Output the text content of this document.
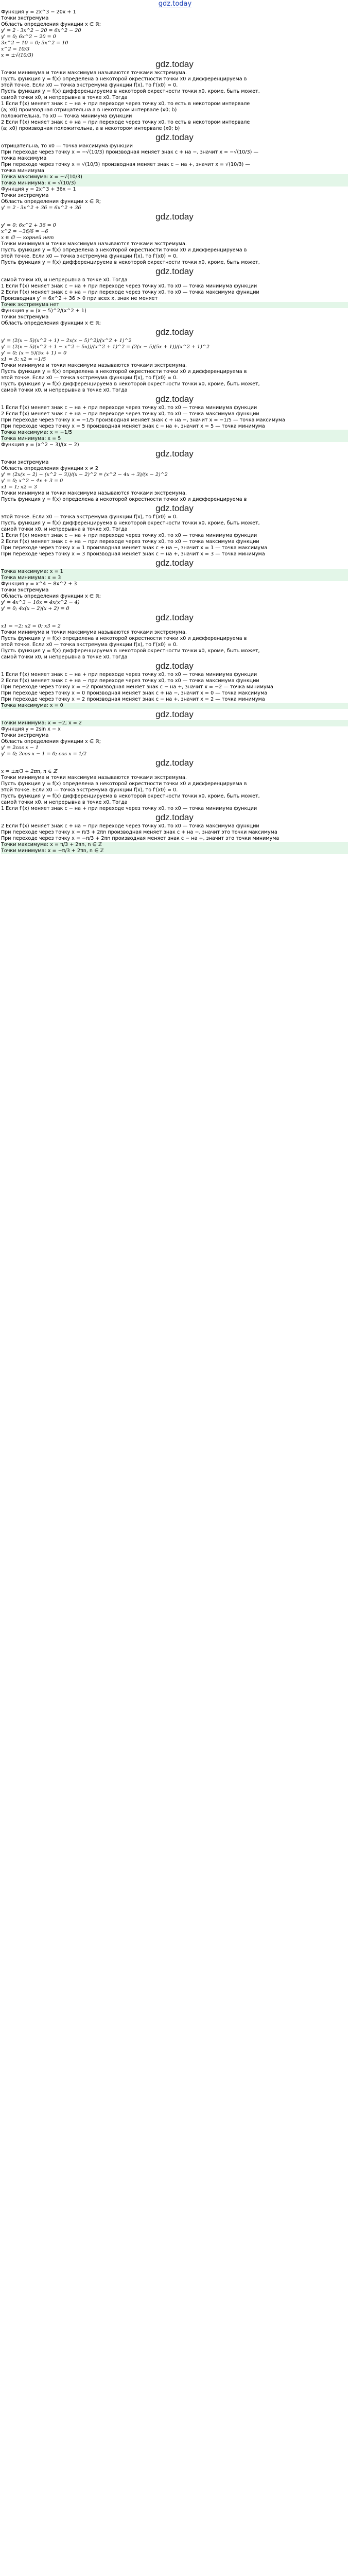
gdz.today
Функция y = 2x^3 − 20x + 1
Точки экстремума
Область определения функции x ∈ ℝ;
y' = 2 · 3x^2 − 20 = 6x^2 − 20
y' = 0; 6x^2 − 20 = 0
3x^2 − 10 = 0; 3x^2 = 10
x^2 = 10/3
x = ±√(10/3)
gdz.today
Точки минимума и точки максимума называются точками экстремума.
Пусть функция y = f(x) определена в некоторой окрестности точки x0 и дифференцируема в
этой точке. Если x0 — точка экстремума функции f(x), то f′(x0) = 0.
Пусть функция y = f(x) дифференцируема в некоторой окрестности точки x0, кроме, быть может,
самой точки x0, и непрерывна в точке x0. Тогда
1 Если f′(x) меняет знак с − на + при переходе через точку x0, то есть в некотором интервале
(a; x0) производная отрицательна а в некотором интервале (x0; b)
положительна, то x0 — точка минимума функции
2 Если f′(x) меняет знак с + на − при переходе через точку x0, то есть в некотором интервале
(a; x0) производная положительна, а в некотором интервале (x0; b)
gdz.today
отрицательна, то x0 — точка максимума функции
При переходе через точку x = −√(10/3) производная меняет знак с + на −, значит x = −√(10/3) —
точка максимума
При переходе через точку x = √(10/3) производная меняет знак с − на +, значит x = √(10/3) —
точка минимума
Точка максимума: x = −√(10/3)
Точка минимума: x = √(10/3)
Функция y = 2x^3 + 36x − 1
Точки экстремума
Область определения функции x ∈ ℝ;
y' = 2 · 3x^2 + 36 = 6x^2 + 36
gdz.today
y' = 0; 6x^2 + 36 = 0
x^2 = −36/6 = −6
x ∈ ∅ — корней нет
Точки минимума и точки максимума называются точками экстремума.
Пусть функция y = f(x) определена в некоторой окрестности точки x0 и дифференцируема в
этой точке. Если x0 — точка экстремума функции f(x), то f′(x0) = 0.
Пусть функция y = f(x) дифференцируема в некоторой окрестности точки x0, кроме, быть может,
gdz.today
самой точки x0, и непрерывна в точке x0. Тогда
1 Если f′(x) меняет знак с − на + при переходе через точку x0, то x0 — точка минимума функции
2 Если f′(x) меняет знак с + на − при переходе через точку x0, то x0 — точка максимума функции
Производная y′ = 6x^2 + 36 > 0 при всех x, знак не меняет
Точек экстремума нет
Функция y = (x − 5)^2/(x^2 + 1)
Точки экстремума
Область определения функции x ∈ ℝ;
gdz.today
y' = (2(x − 5)(x^2 + 1) − 2x(x − 5)^2)/(x^2 + 1)^2
y' = (2(x − 5)(x^2 + 1 − x^2 + 5x))/(x^2 + 1)^2 = (2(x − 5)(5x + 1))/(x^2 + 1)^2
y' = 0; (x − 5)(5x + 1) = 0
x1 = 5; x2 = −1/5
Точки минимума и точки максимума называются точками экстремума.
Пусть функция y = f(x) определена в некоторой окрестности точки x0 и дифференцируема в
этой точке. Если x0 — точка экстремума функции f(x), то f′(x0) = 0.
Пусть функция y = f(x) дифференцируема в некоторой окрестности точки x0, кроме, быть может,
самой точки x0, и непрерывна в точке x0. Тогда
gdz.today
1 Если f′(x) меняет знак с − на + при переходе через точку x0, то x0 — точка минимума функции
2 Если f′(x) меняет знак с + на − при переходе через точку x0, то x0 — точка максимума функции
При переходе через точку x = −1/5 производная меняет знак с + на −, значит x = −1/5 — точка максимума
При переходе через точку x = 5 производная меняет знак с − на +, значит x = 5 — точка минимума
Точка максимума: x = −1/5
Точка минимума: x = 5
Функция y = (x^2 − 3)/(x − 2)
gdz.today
Точки экстремума
Область определения функции x ≠ 2
y' = (2x(x − 2) − (x^2 − 3))/(x − 2)^2 = (x^2 − 4x + 3)/(x − 2)^2
y' = 0; x^2 − 4x + 3 = 0
x1 = 1; x2 = 3
Точки минимума и точки максимума называются точками экстремума.
Пусть функция y = f(x) определена в некоторой окрестности точки x0 и дифференцируема в
gdz.today
этой точке. Если x0 — точка экстремума функции f(x), то f′(x0) = 0.
Пусть функция y = f(x) дифференцируема в некоторой окрестности точки x0, кроме, быть может,
самой точки x0, и непрерывна в точке x0. Тогда
1 Если f′(x) меняет знак с − на + при переходе через точку x0, то x0 — точка минимума функции
2 Если f′(x) меняет знак с + на − при переходе через точку x0, то x0 — точка максимума функции
При переходе через точку x = 1 производная меняет знак с + на −, значит x = 1 — точка максимума
При переходе через точку x = 3 производная меняет знак с − на +, значит x = 3 — точка минимума
gdz.today
Точка максимума: x = 1
Точка минимума: x = 3
Функция y = x^4 − 8x^2 + 3
Точки экстремума
Область определения функции x ∈ ℝ;
y' = 4x^3 − 16x = 4x(x^2 − 4)
y' = 0; 4x(x − 2)(x + 2) = 0
gdz.today
x1 = −2; x2 = 0; x3 = 2
Точки минимума и точки максимума называются точками экстремума.
Пусть функция y = f(x) определена в некоторой окрестности точки x0 и дифференцируема в
этой точке. Если x0 — точка экстремума функции f(x), то f′(x0) = 0.
Пусть функция y = f(x) дифференцируема в некоторой окрестности точки x0, кроме, быть может,
самой точки x0, и непрерывна в точке x0. Тогда
gdz.today
1 Если f′(x) меняет знак с − на + при переходе через точку x0, то x0 — точка минимума функции
2 Если f′(x) меняет знак с + на − при переходе через точку x0, то x0 — точка максимума функции
При переходе через точку x = −2 производная меняет знак с − на +, значит x = −2 — точка минимума
При переходе через точку x = 0 производная меняет знак с + на −, значит x = 0 — точка максимума
При переходе через точку x = 2 производная меняет знак с − на +, значит x = 2 — точка минимума
Точка максимума: x = 0
gdz.today
Точки минимума: x = −2; x = 2
Функция y = 2sin x − x
Точки экстремума
Область определения функции x ∈ ℝ;
y' = 2cos x − 1
y' = 0; 2cos x − 1 = 0; cos x = 1/2
gdz.today
x = ±π/3 + 2πn, n ∈ ℤ
Точки минимума и точки максимума называются точками экстремума.
Пусть функция y = f(x) определена в некоторой окрестности точки x0 и дифференцируема в
этой точке. Если x0 — точка экстремума функции f(x), то f′(x0) = 0.
Пусть функция y = f(x) дифференцируема в некоторой окрестности точки x0, кроме, быть может,
самой точки x0, и непрерывна в точке x0. Тогда
1 Если f′(x) меняет знак с − на + при переходе через точку x0, то x0 — точка минимума функции
gdz.today
2 Если f′(x) меняет знак с + на − при переходе через точку x0, то x0 — точка максимума функции
При переходе через точку x = π/3 + 2πn производная меняет знак с + на −, значит это точки максимума
При переходе через точку x = −π/3 + 2πn производная меняет знак с − на +, значит это точки минимума
Точки максимума: x = π/3 + 2πn, n ∈ ℤ
Точки минимума: x = −π/3 + 2πn, n ∈ ℤ
